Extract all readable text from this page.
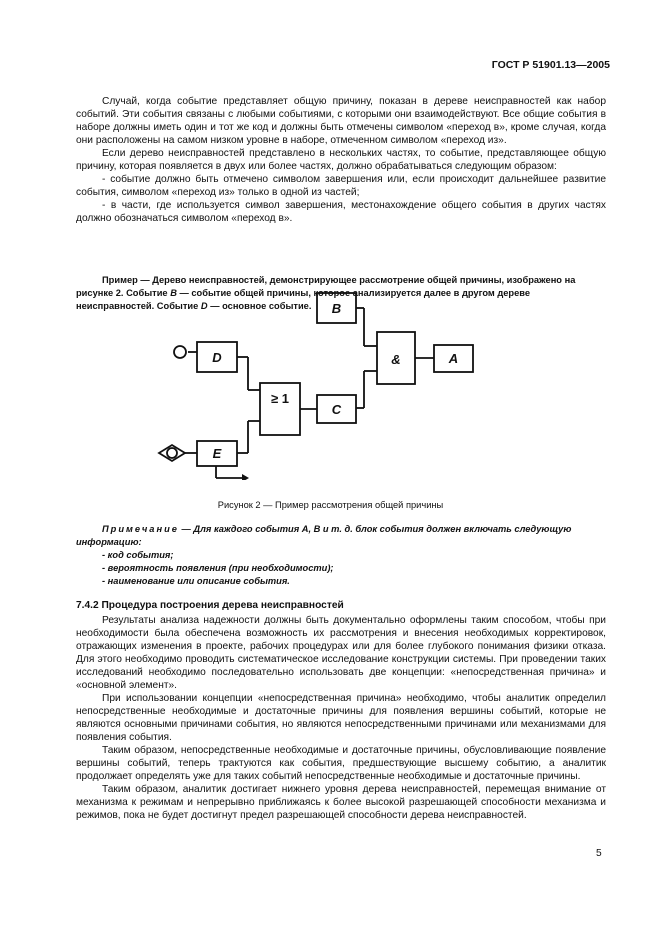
ГОСТ Р 51901.13—2005

Случай, когда событие представляет общую причину, показан в дереве неисправностей как набор событий. Эти события связаны с любыми событиями, с которыми они взаимодействуют. Все общие события в наборе должны иметь один и тот же код и должны быть отмечены символом «переход в», кроме случая, когда они расположены на самом низком уровне в наборе, отмеченном символом «переход из».

Если дерево неисправностей представлено в нескольких частях, то событие, представляющее общую причину, которая появляется в двух или более частях, должно обрабатываться следующим образом:

- событие должно быть отмечено символом завершения или, если происходит дальнейшее развитие события, символом «переход из» только в одной из частей;

- в части, где используется символ завершения, местонахождение общего события в других частях должно обозначаться символом «переход в».

Пример — Дерево неисправностей, демонстрирующее рассмотрение общей причины, изображено на рисунке 2. Событие B — событие общей причины, которое анализируется далее в другом дереве неисправностей. Событие D — основное событие.	B
&	A
D
≥ 1
C
E
Рисунок 2 — Пример рассмотрения общей причины

Примечание — Для каждого события A, B и т. д. блок события должен включать следующую информацию:

- код события;

- вероятность появления (при необходимости);

- наименование или описание события.

7.4.2 Процедура построения дерева неисправностей

Результаты анализа надежности должны быть документально оформлены таким способом, чтобы при необходимости была обеспечена возможность их рассмотрения и внесения необходимых корректировок, отражающих изменения в проекте, рабочих процедурах или для более глубокого понимания физики отказа. Для этого необходимо проводить систематическое исследование конструкции системы. При проведении таких исследований необходимо последовательно использовать две концепции: «непосредственная причина» и «основной элемент».

При использовании концепции «непосредственная причина» необходимо, чтобы аналитик определил непосредственные необходимые и достаточные причины для появления вершины событий, которые не являются основными причинами события, но являются непосредственными причинами или механизмами для появления события.

Таким образом, непосредственные необходимые и достаточные причины, обусловливающие появление вершины событий, теперь трактуются как события, предшествующие высшему событию, а аналитик продолжает определять уже для таких событий непосредственные необходимые и достаточные причины.

Таким образом, аналитик достигает нижнего уровня дерева неисправностей, перемещая внимание от механизма к режимам и непрерывно приближаясь к более высокой разрешающей способности механизма и режимов, пока не будет достигнут предел разрешающей способности дерева неисправностей.

5
